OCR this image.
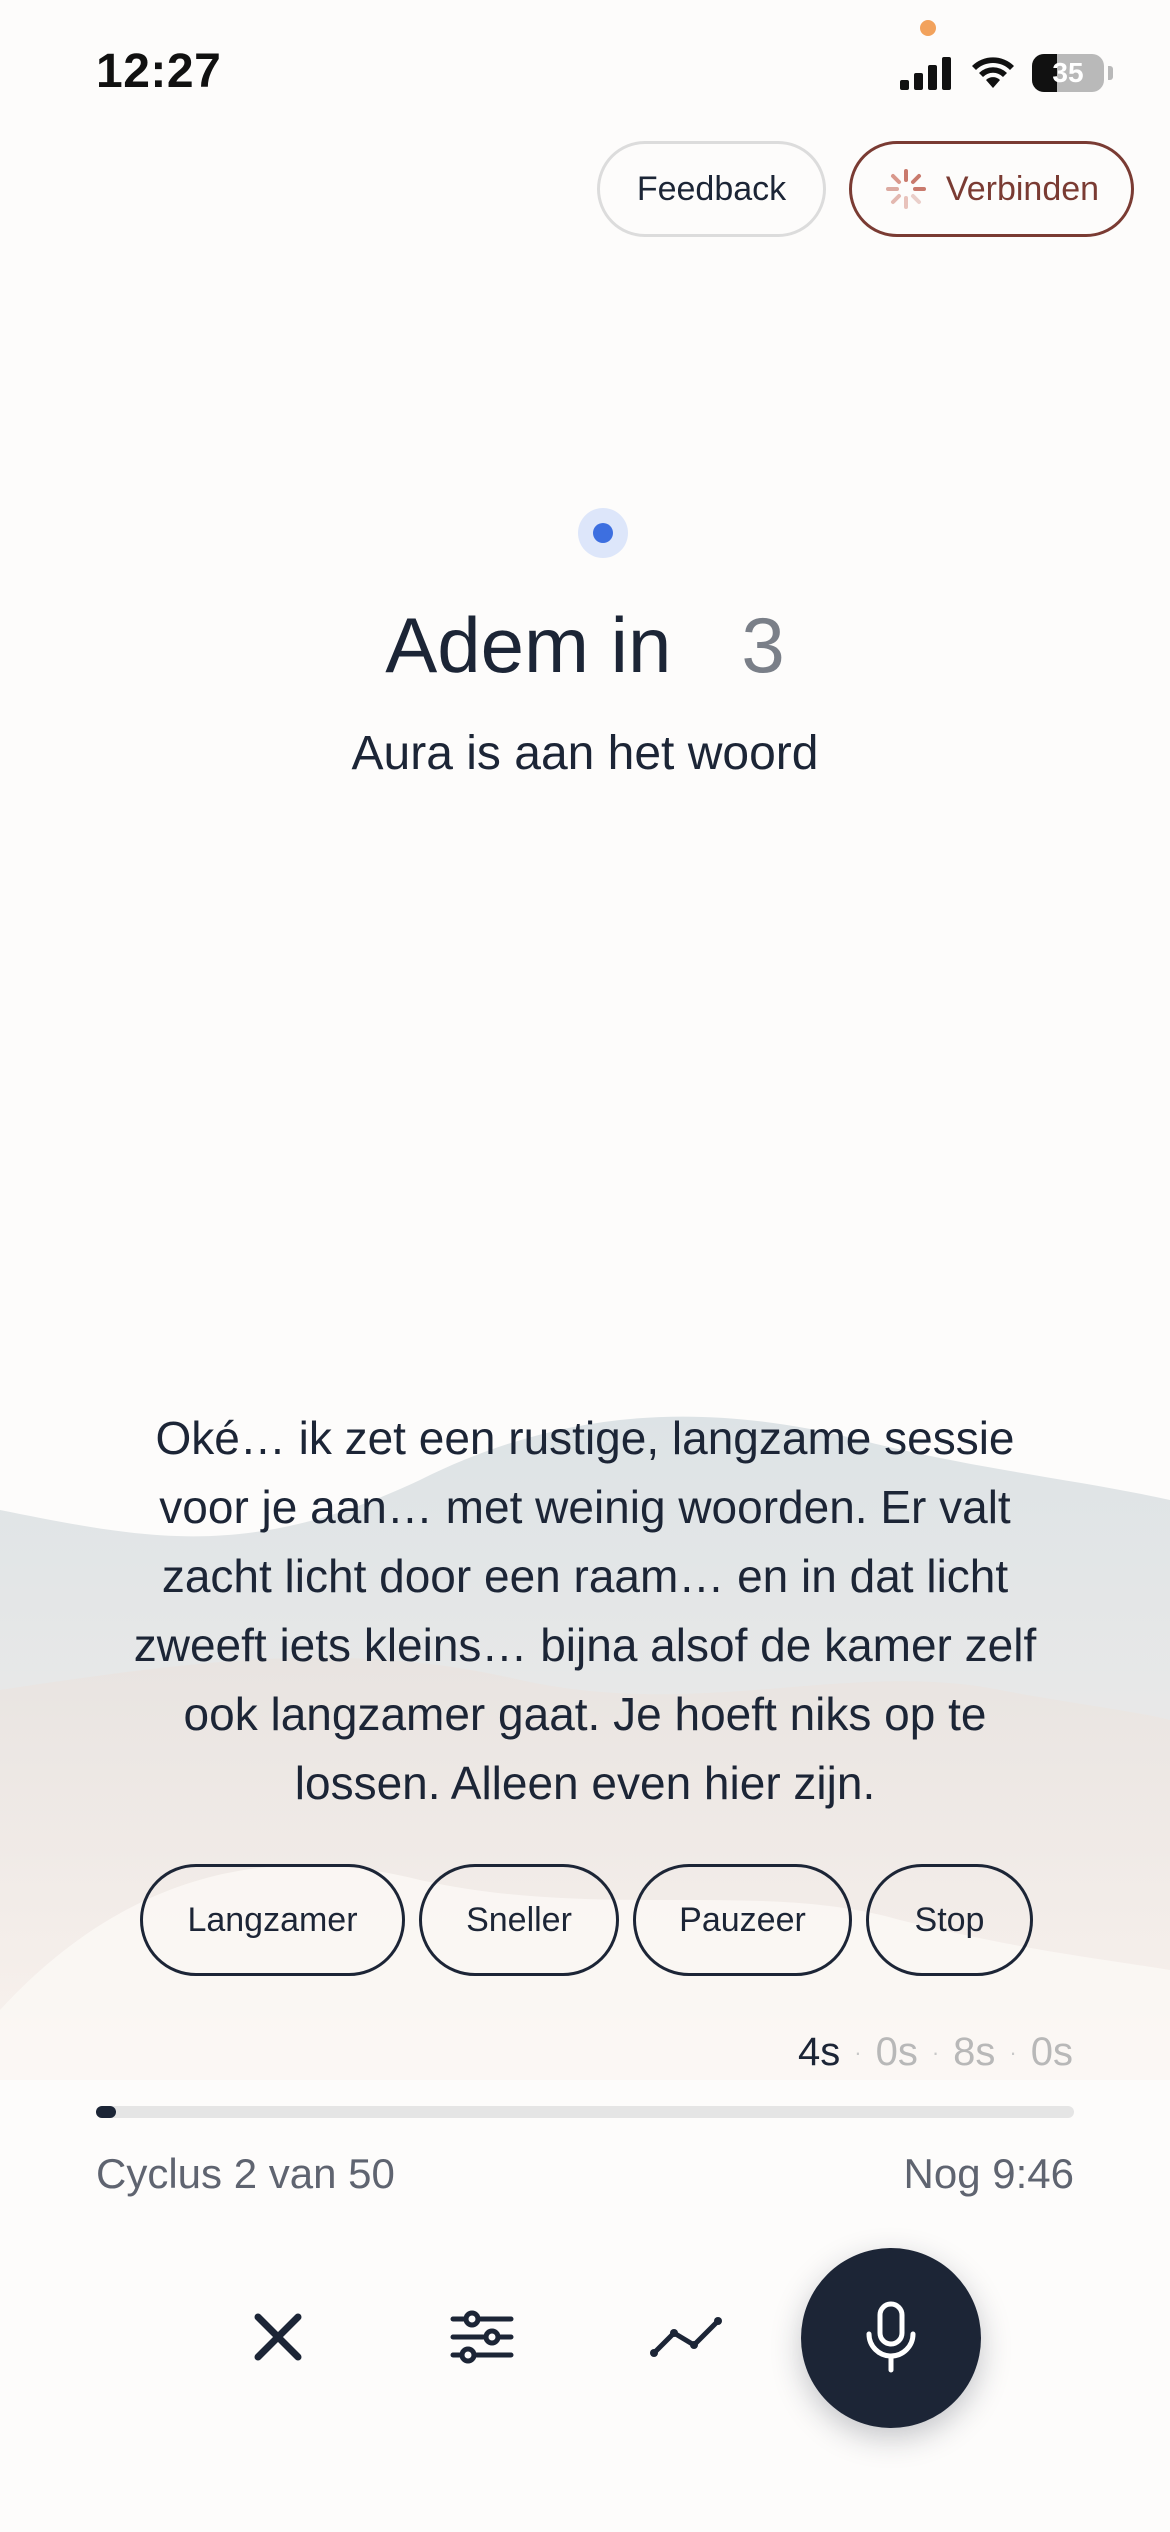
12:27	35
Feedback	Verbinden
Adem in 3
Aura is aan het woord
Oké… ik zet een rustige, langzame sessie voor je aan… met weinig woorden. Er valt zacht licht door een raam… en in dat licht zweeft iets kleins… bijna alsof de kamer zelf ook langzamer gaat. Je hoeft niks op te lossen. Alleen even hier zijn.
Langzamer	Sneller	Pauzeer	Stop
4s · 0s · 8s · 0s
Cyclus 2 van 50	Nog 9:46
